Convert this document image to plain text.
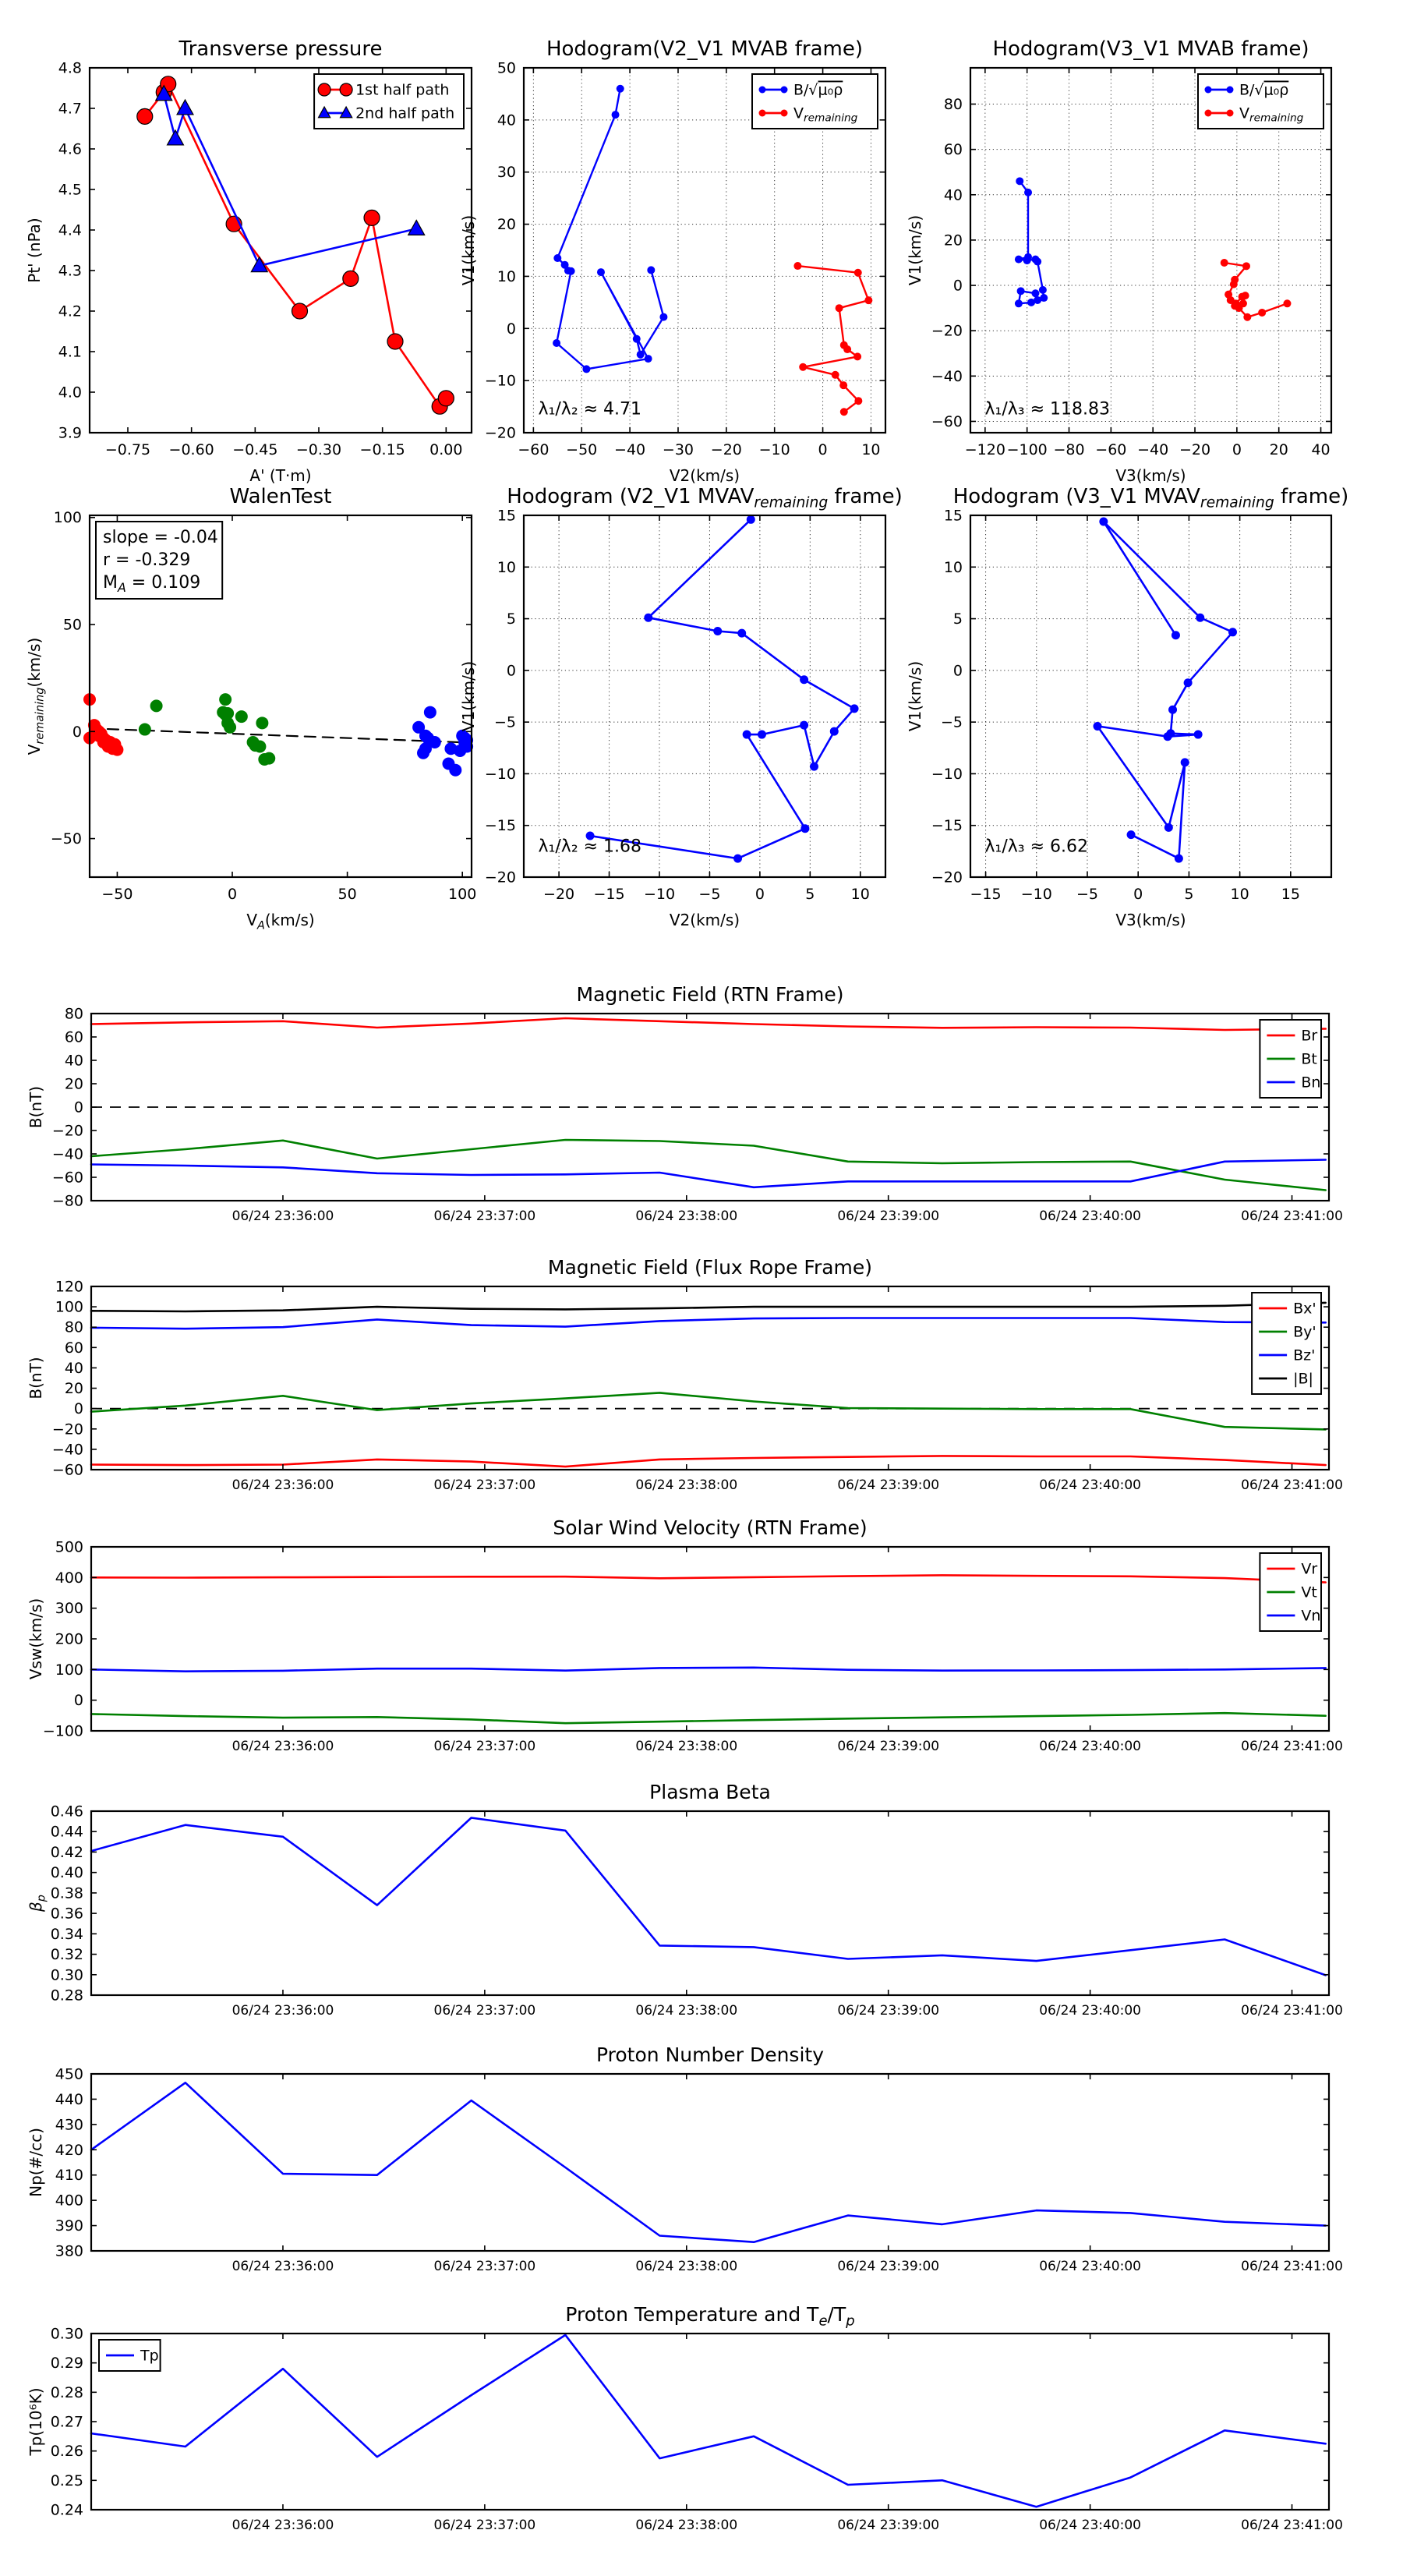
−0.75 −0.60 −0.45 −0.30 −0.15 0.00
3.9
4.0
4.1
4.2
4.3
4.4
4.5
4.6
4.7
4.8
A' (T·m)
Pt' (nPa)
Transverse pressure
1st half path
2nd half path
−60 −50 −40 −30 −20 −10 0 10
−20
−10
0
10
20
30
40
50
V2(km/s)
V1(km/s)
Hodogram(V2_V1 MVAB frame)
B/√μ₀ρ
$V_{remaining}$
λ₁/λ₂ ≈ 4.71
−120 −100 −80 −60 −40 −20 0 20 40
−60
−40
−20
0
20
40
60
80
V3(km/s)
V1(km/s)
Hodogram(V3_V1 MVAB frame)
B/√μ₀ρ
$V_{remaining}$
λ₁/λ₃ ≈ 118.83
−50	0	50	100
−50
0
50
100
$V_A(km/s)$
$V_{remaining}(km/s)$
WalenTest
slope = -0.04
r = -0.329
$M_A = 0.109$
−20 −15 −10 −5 0	5 10
−20
−15
−10
−5
0
5
10
15
V2(km/s)
V1(km/s)
Hodogram (V2_V1 $MVAV_{remaining}$ frame)
λ₁/λ₂ ≈ 1.68
−15 −10 −5 0	5 10 15
−20
−15
−10
−5
0
5
10
15
V3(km/s)
V1(km/s)
Hodogram (V3_V1 $MVAV_{remaining}$ frame)
λ₁/λ₃ ≈ 6.62
06/24 23:36:00	06/24 23:37:00	06/24 23:38:00	06/24 23:39:00	06/24 23:40:00	06/24 23:41:00
−80
−60
−40
−20
0
20
40
60
80
B(nT)
Magnetic Field (RTN Frame)
Br
Bt
Bn
06/24 23:36:00	06/24 23:37:00	06/24 23:38:00	06/24 23:39:00	06/24 23:40:00	06/24 23:41:00
−60
−40
−20
0
20
40
60
80
100
120
B(nT)
Magnetic Field (Flux Rope Frame)
Bx'
By'
Bz'
|B|
06/24 23:36:00	06/24 23:37:00	06/24 23:38:00	06/24 23:39:00	06/24 23:40:00	06/24 23:41:00
−100
0
100
200
300
400
500
Vsw(km/s)
Solar Wind Velocity (RTN Frame)
Vr
Vt
Vn
06/24 23:36:00	06/24 23:37:00	06/24 23:38:00	06/24 23:39:00	06/24 23:40:00	06/24 23:41:00
0.28
0.30
0.32
0.34
0.36
0.38
0.40
0.42
0.44
0.46
$\beta_p$
Plasma Beta
06/24 23:36:00	06/24 23:37:00	06/24 23:38:00	06/24 23:39:00	06/24 23:40:00	06/24 23:41:00
380
390
400
410
420
430
440
450
Np(#/cc)
Proton Number Density
06/24 23:36:00	06/24 23:37:00	06/24 23:38:00	06/24 23:39:00	06/24 23:40:00	06/24 23:41:00
0.24
0.25
0.26
0.27
0.28
0.29
0.30
Tp(10⁶K)
Proton Temperature and $T_e/T_p$
Tp
